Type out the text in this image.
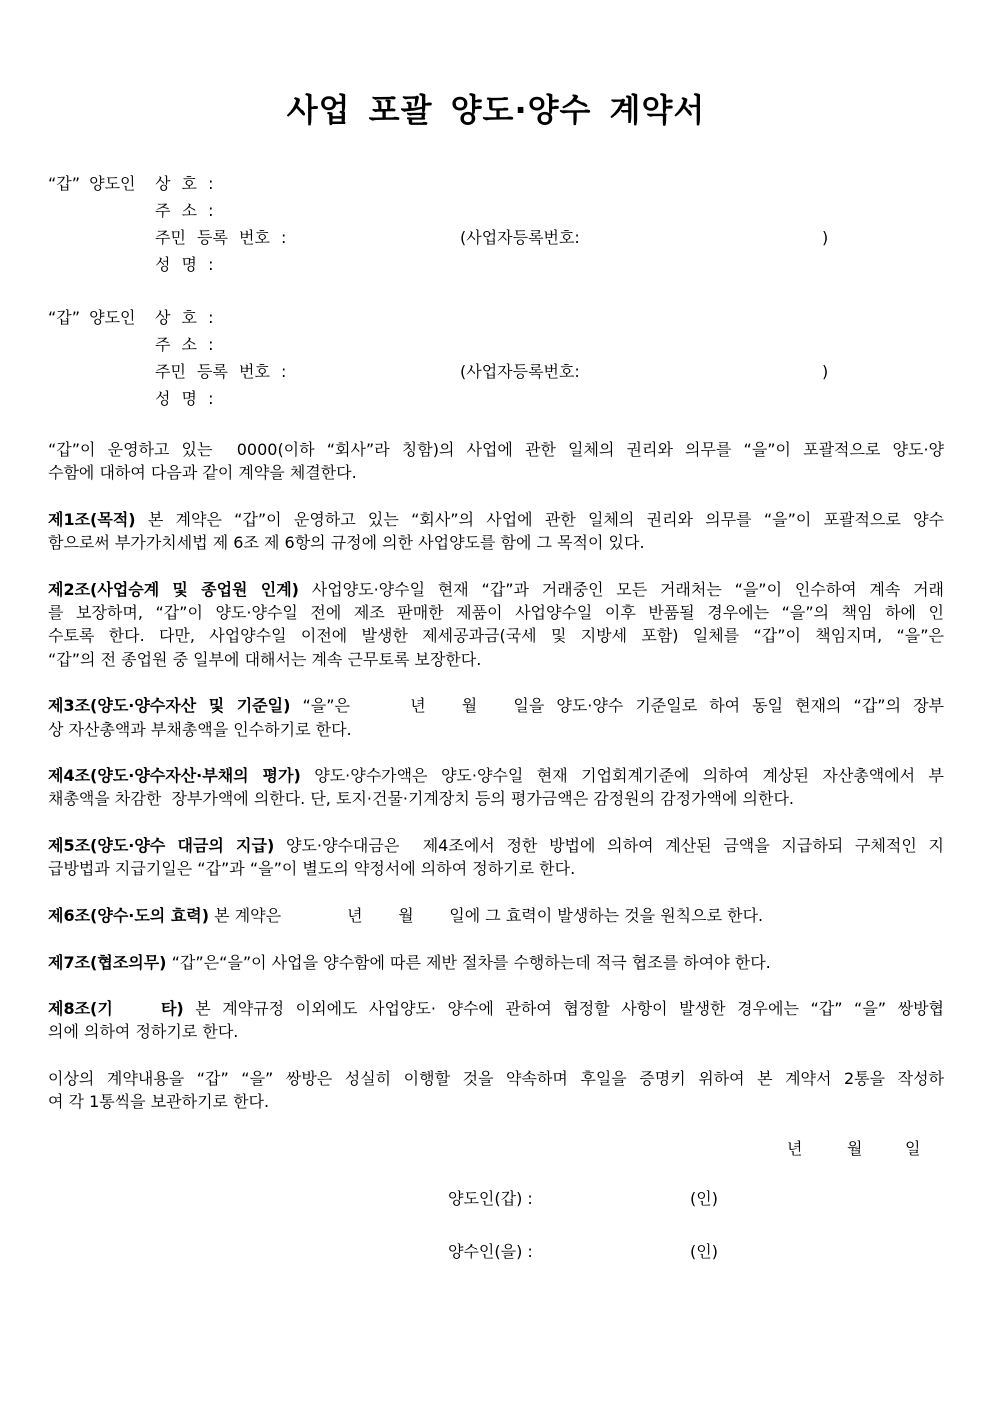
사업 포괄 양도·양수 계약서
“갑” 양도인 상 호 :
주 소 :
주민 등록 번호 :	(사업자등록번호:	)
성 명 :
“갑” 양도인 상 호 :
주 소 :
주민 등록 번호 :	(사업자등록번호:	)
성 명 :
“갑”이 운영하고 있는  0000(이하 “회사”라 칭함)의 사업에 관한 일체의 권리와 의무를 “을”이 포괄적으로 양도·양
수함에 대하여 다음과 같이 계약을 체결한다.
제1조(목적) 본 계약은 “갑”이 운영하고 있는 “회사”의 사업에 관한 일체의 권리와 의무를 “을”이 포괄적으로 양수
함으로써 부가가치세법 제 6조 제 6항의 규정에 의한 사업양도를 함에 그 목적이 있다.
제2조(사업승계 및 종업원 인계) 사업양도·양수일 현재 “갑”과 거래중인 모든 거래처는 “을”이 인수하여 계속 거래
를 보장하며, “갑”이 양도·양수일 전에 제조 판매한 제품이 사업양수일 이후 반품될 경우에는 “을”의 책임 하에 인
수토록 한다. 다만, 사업양수일 이전에 발생한 제세공과금(국세 및 지방세 포함) 일체를 “갑”이 책임지며, “을”은
“갑”의 전 종업원 중 일부에 대해서는 계속 근무토록 보장한다.
제3조(양도·양수자산 및 기준일) “을”은     년   월   일을 양도·양수 기준일로 하여 동일 현재의 “갑”의 장부
상 자산총액과 부채총액을 인수하기로 한다.
제4조(양도·양수자산·부채의 평가) 양도·양수가액은 양도·양수일 현재 기업회계기준에 의하여 계상된 자산총액에서 부
채총액을 차감한  장부가액에 의한다. 단, 토지·건물·기계장치 등의 평가금액은 감정원의 감정가액에 의한다.
제5조(양도·양수 대금의 지급) 양도·양수대금은  제4조에서 정한 방법에 의하여 계산된 금액을 지급하되 구체적인 지
급방법과 지급기일은 “갑”과 “을”이 별도의 약정서에 의하여 정하기로 한다.
제6조(양수·도의 효력) 본 계약은             년       월       일에 그 효력이 발생하는 것을 원칙으로 한다.
제7조(협조의무) “갑”은“을”이 사업을 양수함에 따른 제반 절차를 수행하는데 적극 협조를 하여야 한다.
제8조(기    타) 본 계약규정 이외에도 사업양도· 양수에 관하여 협정할 사항이 발생한 경우에는 “갑” “을” 쌍방협
의에 의하여 정하기로 한다.
이상의 계약내용을 “갑” “을” 쌍방은 성실히 이행할 것을 약속하며 후일을 증명키 위하여 본 계약서 2통을 작성하
여 각 1통씩을 보관하기로 한다.
년	월	일
양도인(갑) :	(인)
양수인(을) :	(인)
